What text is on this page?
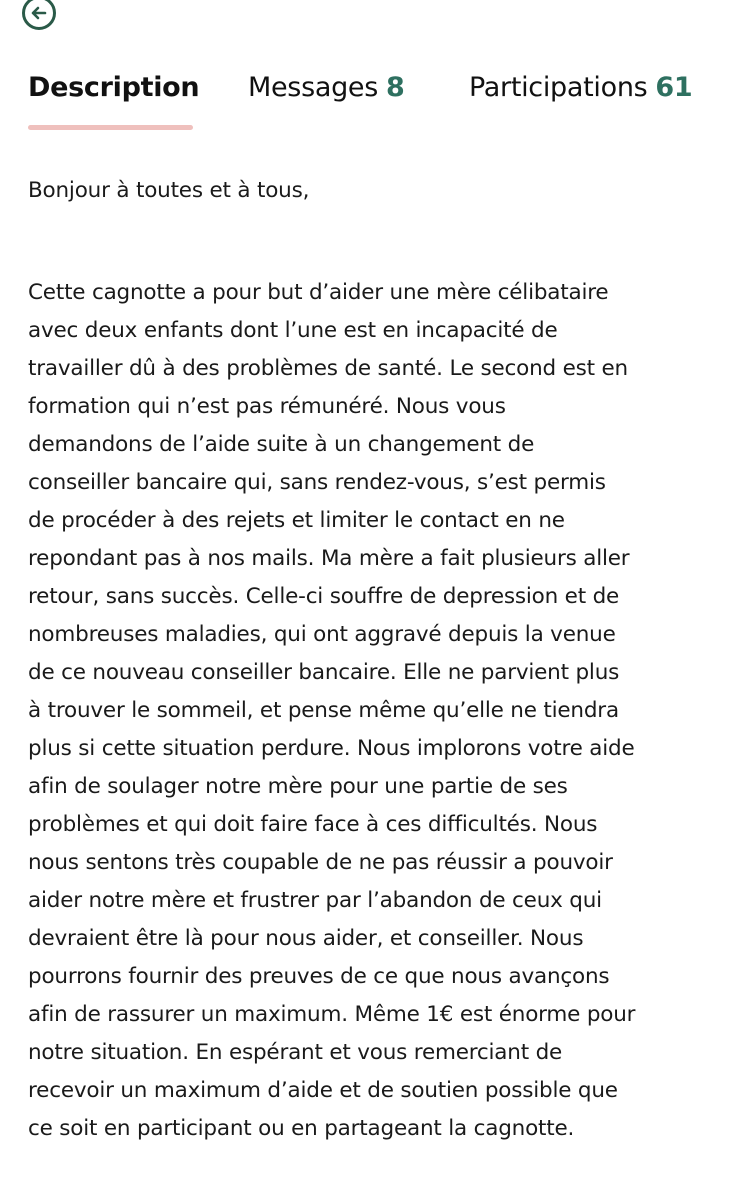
Description Messages 8 Participations 61
Bonjour à toutes et à tous,
Cette cagnotte a pour but d’aider une mère célibataire
avec deux enfants dont l’une est en incapacité de
travailler dû à des problèmes de santé. Le second est en
formation qui n’est pas rémunéré. Nous vous
demandons de l’aide suite à un changement de
conseiller bancaire qui, sans rendez-vous, s’est permis
de procéder à des rejets et limiter le contact en ne
repondant pas à nos mails. Ma mère a fait plusieurs aller
retour, sans succès. Celle-ci souffre de depression et de
nombreuses maladies, qui ont aggravé depuis la venue
de ce nouveau conseiller bancaire. Elle ne parvient plus
à trouver le sommeil, et pense même qu’elle ne tiendra
plus si cette situation perdure. Nous implorons votre aide
afin de soulager notre mère pour une partie de ses
problèmes et qui doit faire face à ces difficultés. Nous
nous sentons très coupable de ne pas réussir a pouvoir
aider notre mère et frustrer par l’abandon de ceux qui
devraient être là pour nous aider, et conseiller. Nous
pourrons fournir des preuves de ce que nous avançons
afin de rassurer un maximum. Même 1€ est énorme pour
notre situation. En espérant et vous remerciant de
recevoir un maximum d’aide et de soutien possible que
ce soit en participant ou en partageant la cagnotte.
